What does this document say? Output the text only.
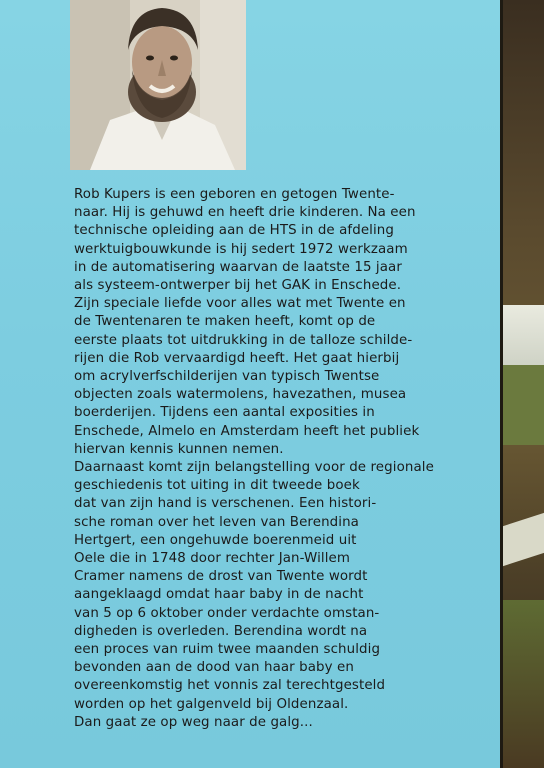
Rob Kupers is een geboren en getogen Twente-
naar. Hij is gehuwd en heeft drie kinderen. Na een
technische opleiding aan de HTS in de afdeling
werktuigbouwkunde is hij sedert 1972 werkzaam
in de automatisering waarvan de laatste 15 jaar
als systeem-ontwerper bij het GAK in Enschede.
Zijn speciale liefde voor alles wat met Twente en
de Twentenaren te maken heeft, komt op de
eerste plaats tot uitdrukking in de talloze schilde-
rijen die Rob vervaardigd heeft. Het gaat hierbij
om acrylverfschilderijen van typisch Twentse
objecten zoals watermolens, havezathen, musea
boerderijen. Tijdens een aantal exposities in
Enschede, Almelo en Amsterdam heeft het publiek
hiervan kennis kunnen nemen.
Daarnaast komt zijn belangstelling voor de regionale
geschiedenis tot uiting in dit tweede boek
dat van zijn hand is verschenen. Een histori-
sche roman over het leven van Berendina
Hertgert, een ongehuwde boerenmeid uit
Oele die in 1748 door rechter Jan-Willem
Cramer namens de drost van Twente wordt
aangeklaagd omdat haar baby in de nacht
van 5 op 6 oktober onder verdachte omstan-
digheden is overleden. Berendina wordt na
een proces van ruim twee maanden schuldig
bevonden aan de dood van haar baby en
overeenkomstig het vonnis zal terechtgesteld
worden op het galgenveld bij Oldenzaal.
Dan gaat ze op weg naar de galg...
